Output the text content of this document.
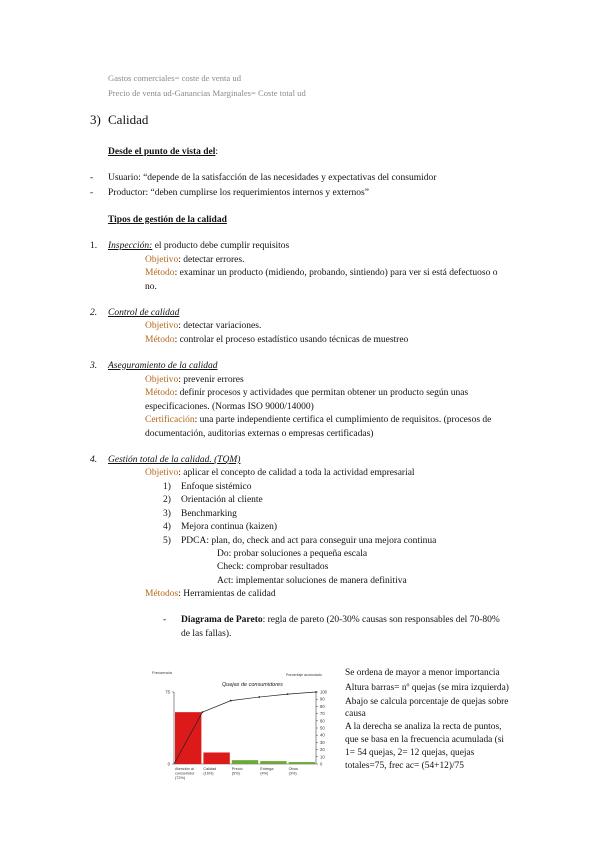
Gastos comerciales= coste de venta ud
Precio de venta ud-Ganancias Marginales= Coste total ud
3) Calidad
Desde el punto de vista del:
- Usuario: “depende de la satisfacción de las necesidades y expectativas del consumidor
- Productor: “deben cumplirse los requerimientos internos y externos”
Tipos de gestión de la calidad
1. Inspección: el producto debe cumplir requisitos
Objetivo: detectar errores.
Método: examinar un producto (midiendo, probando, sintiendo) para ver si está defectuoso o
no.
2. Control de calidad
Objetivo: detectar variaciones.
Método: controlar el proceso estadístico usando técnicas de muestreo
3. Aseguramiento de la calidad
Objetivo: prevenir errores
Método: definir procesos y actividades que permitan obtener un producto según unas
especificaciones. (Normas ISO 9000/14000)
Certificación: una parte independiente certifica el cumplimiento de requisitos. (procesos de
documentación, auditorias externas o empresas certificadas)
4. Gestión total de la calidad. (TQM)
Objetivo: aplicar el concepto de calidad a toda la actividad empresarial
1) Enfoque sistémico
2) Orientación al cliente
3) Benchmarking
4) Mejora continua (kaizen)
5) PDCA: plan, do, check and act para conseguir una mejora continua
Do: probar soluciones a pequeña escala
Check: comprobar resultados
Act: implementar soluciones de manera definitiva
Métodos: Herramientas de calidad
- Diagrama de Pareto: regla de pareto (20-30% causas son responsables del 70-80%
de las fallas).
Quejas de consumidores
Frecuencia	Porcentaje acumulado
75
0
100
90
80
70
60
50
40
30
20
10
0
Atención al consumidor (72%)
Calidad (16%)
Precio (5%)
Entrega (4%)
Otros (3%)
Se ordena de mayor a menor importancia
Altura barras= nº quejas (se mira izquierda)
Abajo se calcula porcentaje de quejas sobre
causa
A la derecha se analiza la recta de puntos,
que se basa en la frecuencia acumulada (si
1= 54 quejas, 2= 12 quejas, quejas
totales=75, frec ac= (54+12)/75
